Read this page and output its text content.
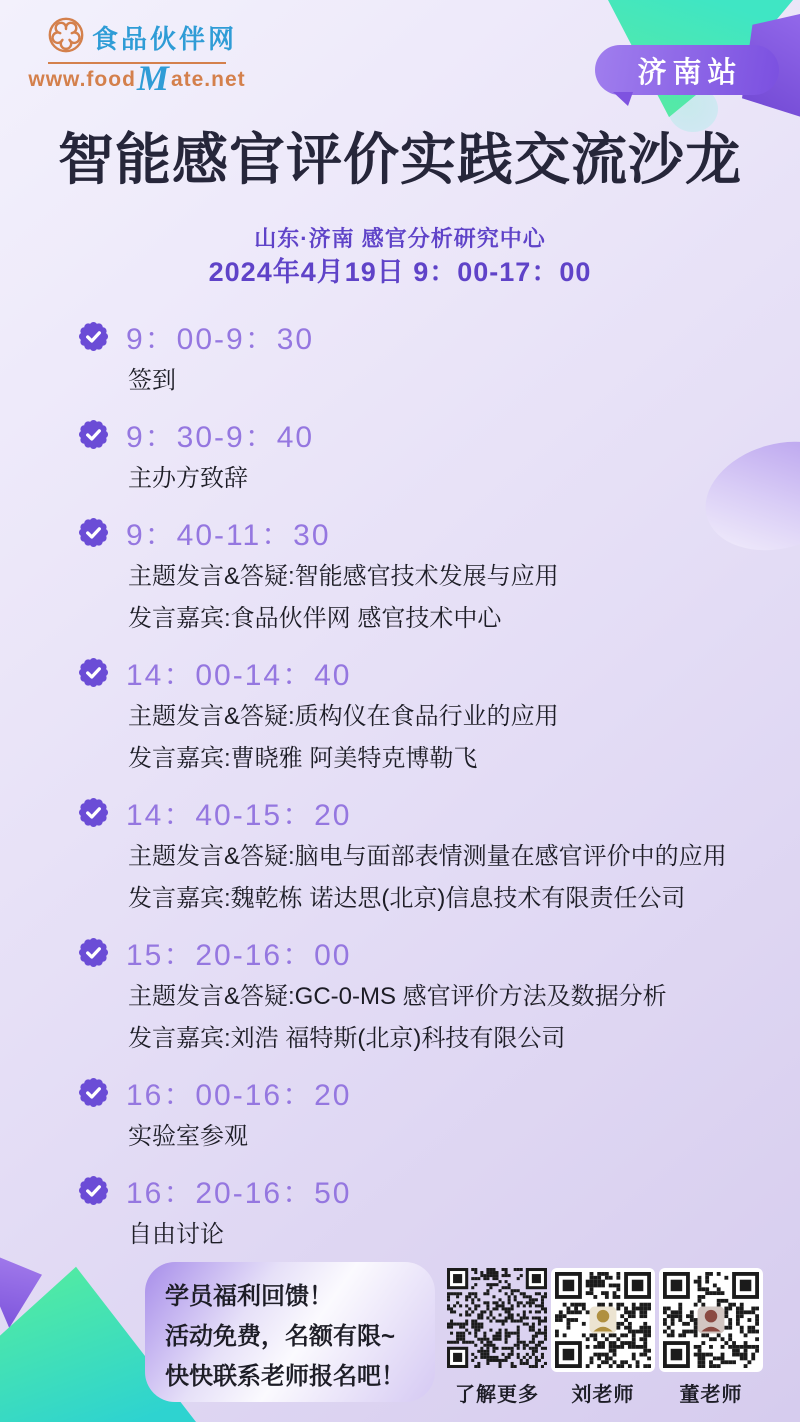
食品伙伴网
www.food M ate.net	济南站
智能感官评价实践交流沙龙
山东·济南 感官分析研究中心
2024年4月19日 9：00-17：00
9：00-9：30
签到
9：30-9：40
主办方致辞
9：40-11：30
主题发言&答疑:智能感官技术发展与应用
发言嘉宾:食品伙伴网 感官技术中心
14：00-14：40
主题发言&答疑:质构仪在食品行业的应用
发言嘉宾:曹晓雅 阿美特克博勒飞
14：40-15：20
主题发言&答疑:脑电与面部表情测量在感官评价中的应用
发言嘉宾:魏乾栋 诺达思(北京)信息技术有限责任公司
15：20-16：00
主题发言&答疑:GC-0-MS 感官评价方法及数据分析
发言嘉宾:刘浩 福特斯(北京)科技有限公司
16：00-16：20
实验室参观
16：20-16：50
自由讨论
学员福利回馈！
活动免费，名额有限~
快快联系老师报名吧！
了解更多	刘老师	董老师
